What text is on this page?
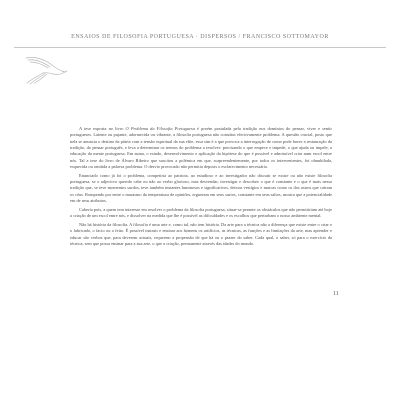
ENSAIOS DE FILOSOFIA PORTUGUESA · DISPERSOS / FRANCISCO SOTTOMAYOR

A tese exposta no livro O Problema da Filosofia Portuguesa é porém postulada pela tradição nos domínios do pensar, viver e sentir portugueses. Latente ou pujante, adormecida ou vibrante, a filosofia portuguesa não constitui efectivamente problema. A questão crucial, posto que nela se anuncia o destino da pátria com a tensão espiritual da sua elite, essa sim é a que provoca a interrogação de como pode haver a restauração da tradição, do pensar português, e leva a determinar os termos do problema a resolver: precisando o que empece e impede, o que ajuda ou impele, a educação da mente portuguesa. Em suma, o estudo, desenvolvimento e aplicação da hipótese do que é possível e admissível criar num escol entre nós. Tal a tese do livro de Álvaro Ribeiro que suscitou a polémica em que, surpreendentemente, por todos os intervenientes, foi obnubilada, esquecida ou omitida a palavra problema. O desvio provocado não permitia deposis o esclarecimento necessário.

Enunciado como já foi o problema, competiria ao patriota, ao estudioso e ao investigador não discutir se existe ou não existe filosofia portuguesa, se o adjectivo querido cabe ou não ao verbo glorioso, mas desvendar, investigar e descobrir o que é constante e o que é mais nessa tradição que, se teve momentos surdos, teve também instantes luminosos e significativos, deixou vestígios e marcas como os dos astros que caíram os céus. Rompendo por entre o marasmo da temperatura de opiniões, ergueram em seus surtos, constante em seus saltos, mostra que a potencialidade em de seus atributos.

Cabería pois, a quem tem interesse em resolver o problema da filosofia portuguesa, situar-se perante os obstáculos que não permitiriam até hoje a criação de um escol entre nós, e dissolver na medida que lhe é possível as dificuldades e os escolhos que perturbam o nosso ambiente mental.

Não há história da filosofia. A filosofia é uma arte e, como tal, não tem história. Da arte para a técnica não a diferença que existe entre o criar e o fabricado, o facto ou o feito. É possível instruir e ensinar aos homens os artifícios, as técnicas, as funções e as limitações da arte, mas aprender e educar são verbos que, para deverem actuais, requerem a propensão de que há ou o prazer do saber. Cada qual, o saber, só para o exercício da técnica, sem que possa ensinar para a sua arte, o que a criação, permanente através das idades do mundo.

11
